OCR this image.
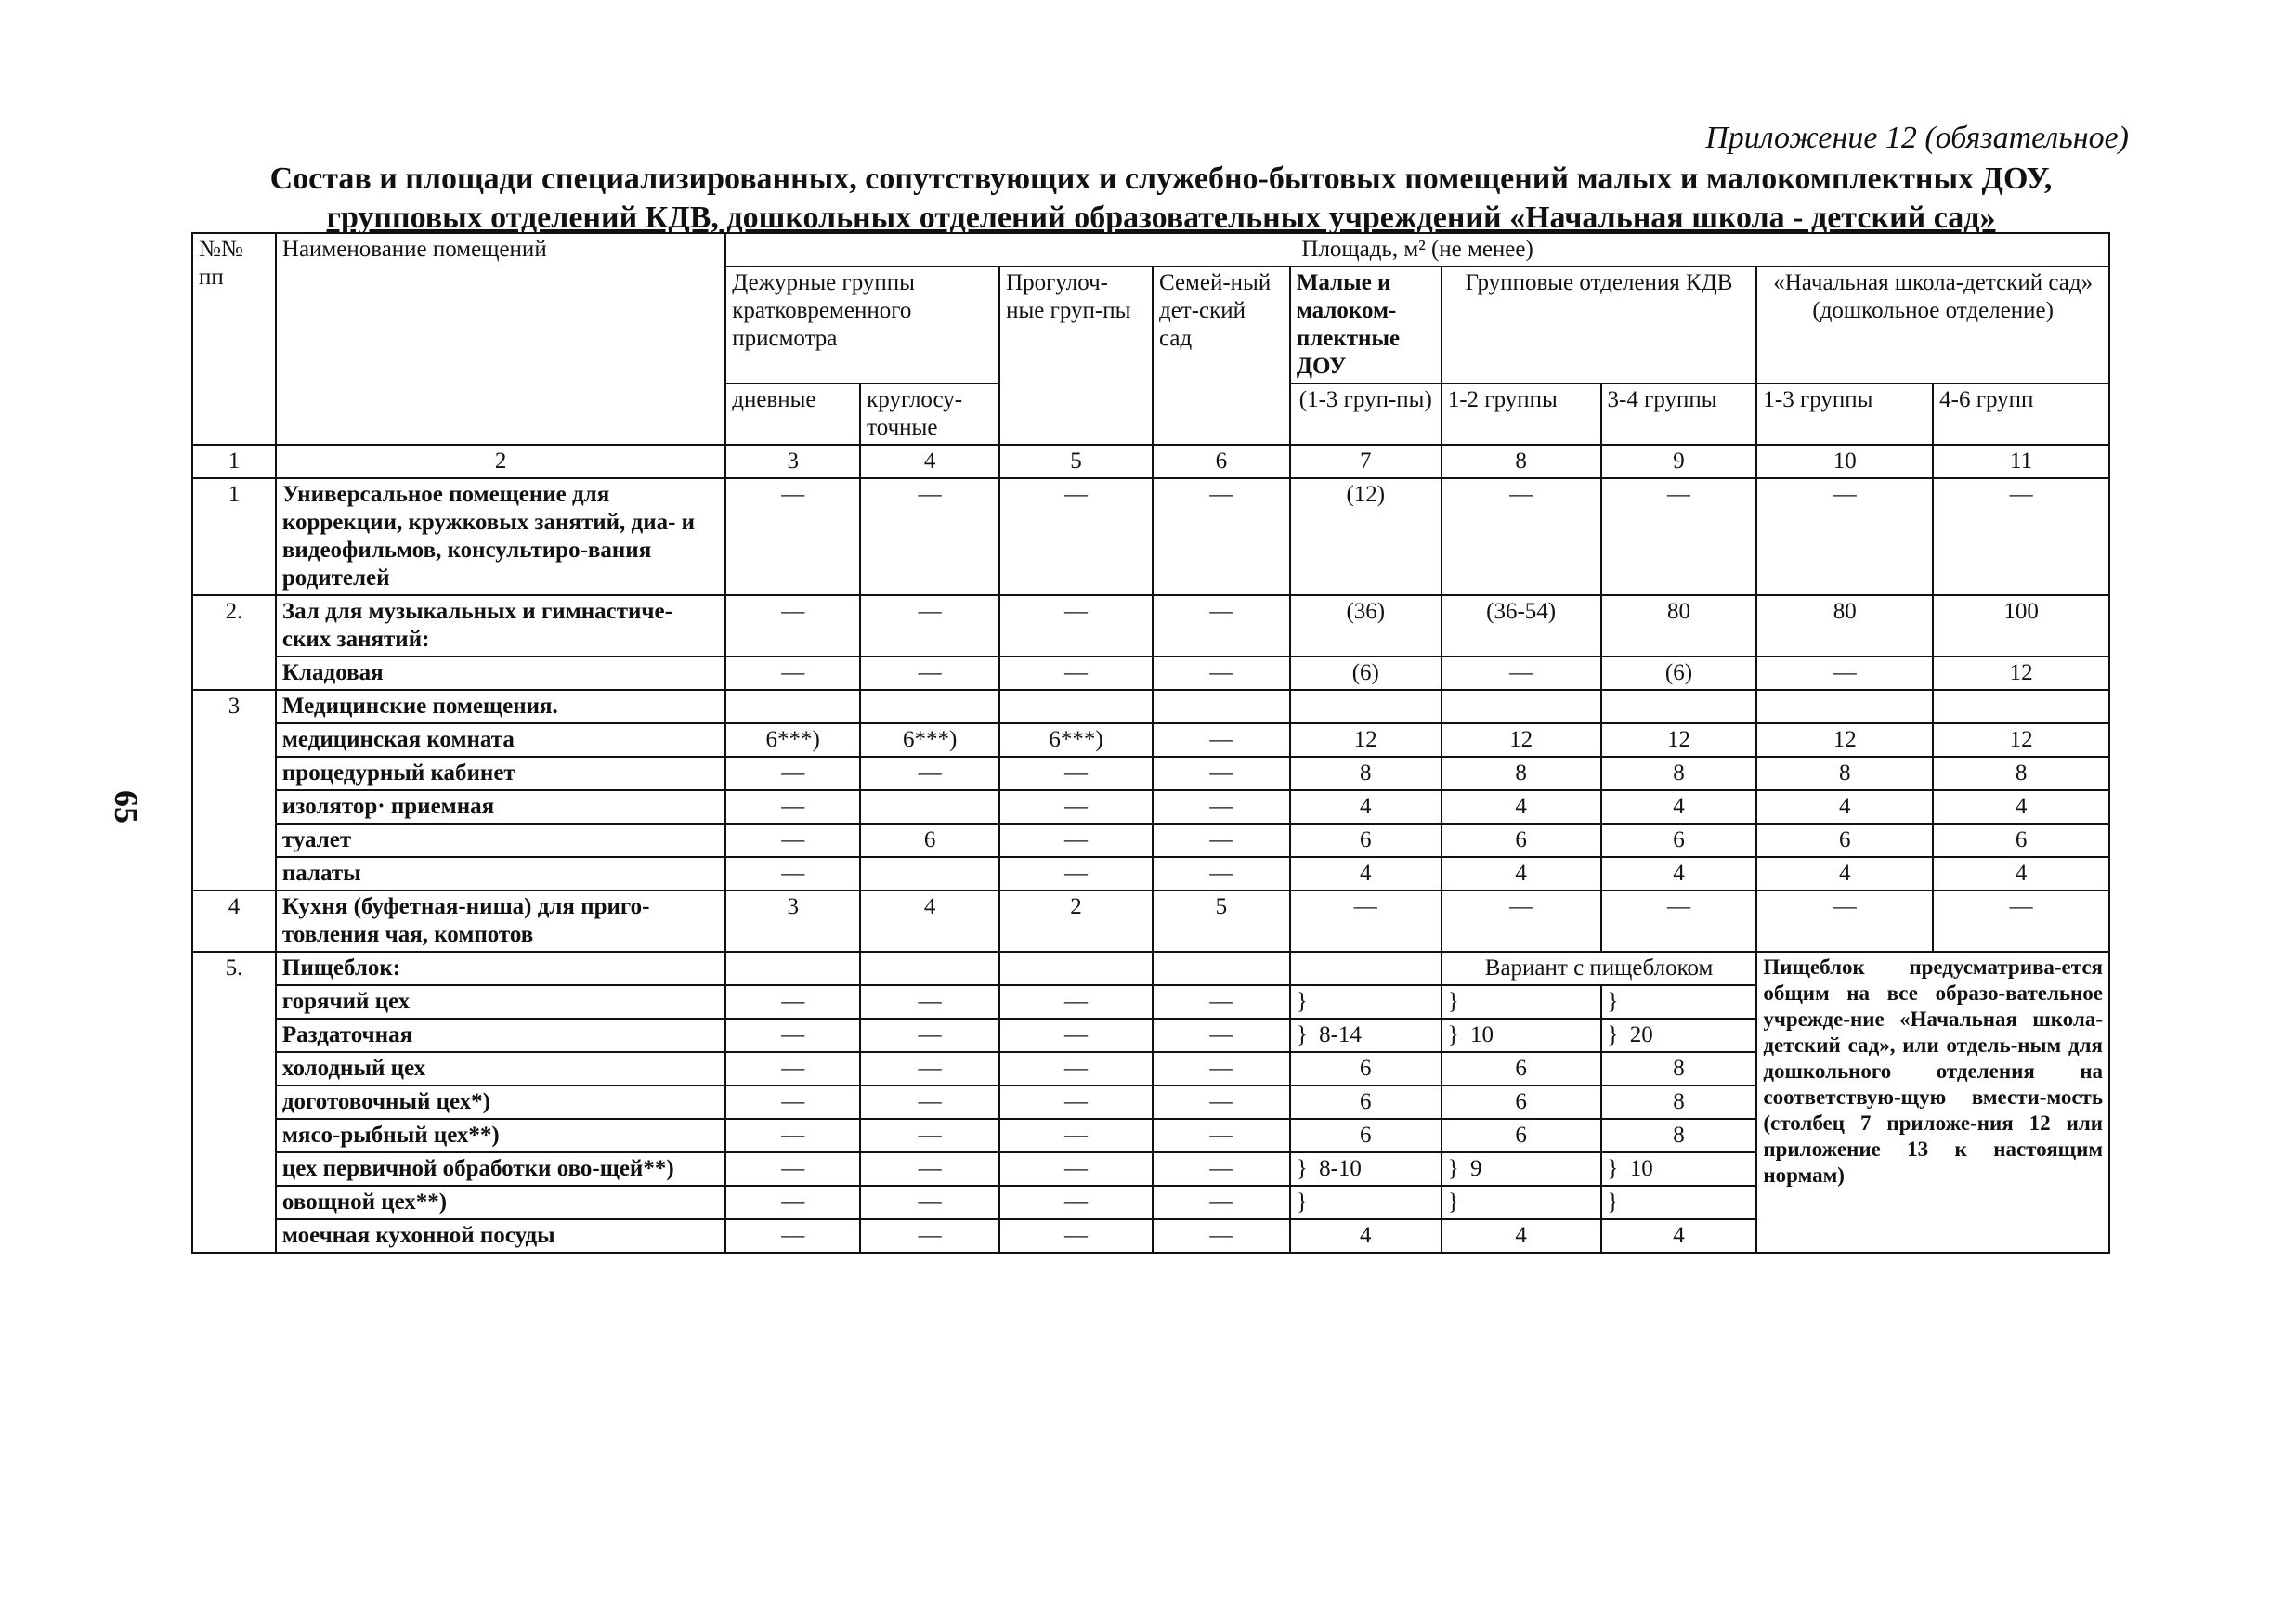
65
Приложение 12 (обязательное)
Состав и площади специализированных, сопутствующих и служебно-бытовых помещений малых и малокомплектных ДОУ,
групповых отделений КДВ, дошкольных отделений образовательных учреждений «Начальная школа - детский сад»
№№ пп	Наименование помещений	Площадь, м² (не менее)								
		Дежурные группы кратковременного присмотра		Прогулоч-ные груп-пы	Семей-ный дет-ский сад	Малые и малоком-плектные ДОУ	Групповые отделения КДВ		«Начальная школа-детский сад» (дошкольное отделение)	
		дневные	круглосу-точные			(1-3 груп-пы)	1-2 группы	3-4 группы	1-3 группы	4-6 групп
1	2	3	4	5	6	7	8	9	10	11
1	Универсальное помещение для коррекции, кружковых занятий, диа- и видеофильмов, консультиро-вания родителей	—	—	—	—	(12)	—	—	—	—
2.	Зал для музыкальных и гимнастиче-ских занятий:	—	—	—	—	(36)	(36-54)	80	80	100
	Кладовая	—	—	—	—	(6)	—	(6)	—	12
3	Медицинские помещения.									
	медицинская комната	6***)	6***)	6***)	—	12	12	12	12	12
	процедурный кабинет	—	—	—	—	8	8	8	8	8
	изолятор· приемная	—		—	—	4	4	4	4	4
	туалет	—	6	—	—	6	6	6	6	6
	палаты	—		—	—	4	4	4	4	4
4	Кухня (буфетная-ниша) для приго-товления чая, компотов	3	4	2	5	—	—	—	—	—
5.	Пищеблок:						Вариант с пищеблоком		Пищеблок предусматрива-ется общим на все образо-вательное учрежде-ние «Начальная школа-детский сад», или отдель-ным для дошкольного отделения на соответствую-щую вмести-мость (столбец 7 приложе-ния 12 или приложение 13 к настоящим нормам)	
	горячий цех	—	—	—	—	}	}	}		
	Раздаточная	—	—	—	—	} 8-14	} 10	} 20		
	холодный цех	—	—	—	—	6	6	8		
	доготовочный цех*)	—	—	—	—	6	6	8		
	мясо-рыбный цех**)	—	—	—	—	6	6	8		
	цех первичной обработки ово-щей**)	—	—	—	—	} 8-10	} 9	} 10		
	овощной цех**)	—	—	—	—	}	}	}		
	моечная кухонной посуды	—	—	—	—	4	4	4		
